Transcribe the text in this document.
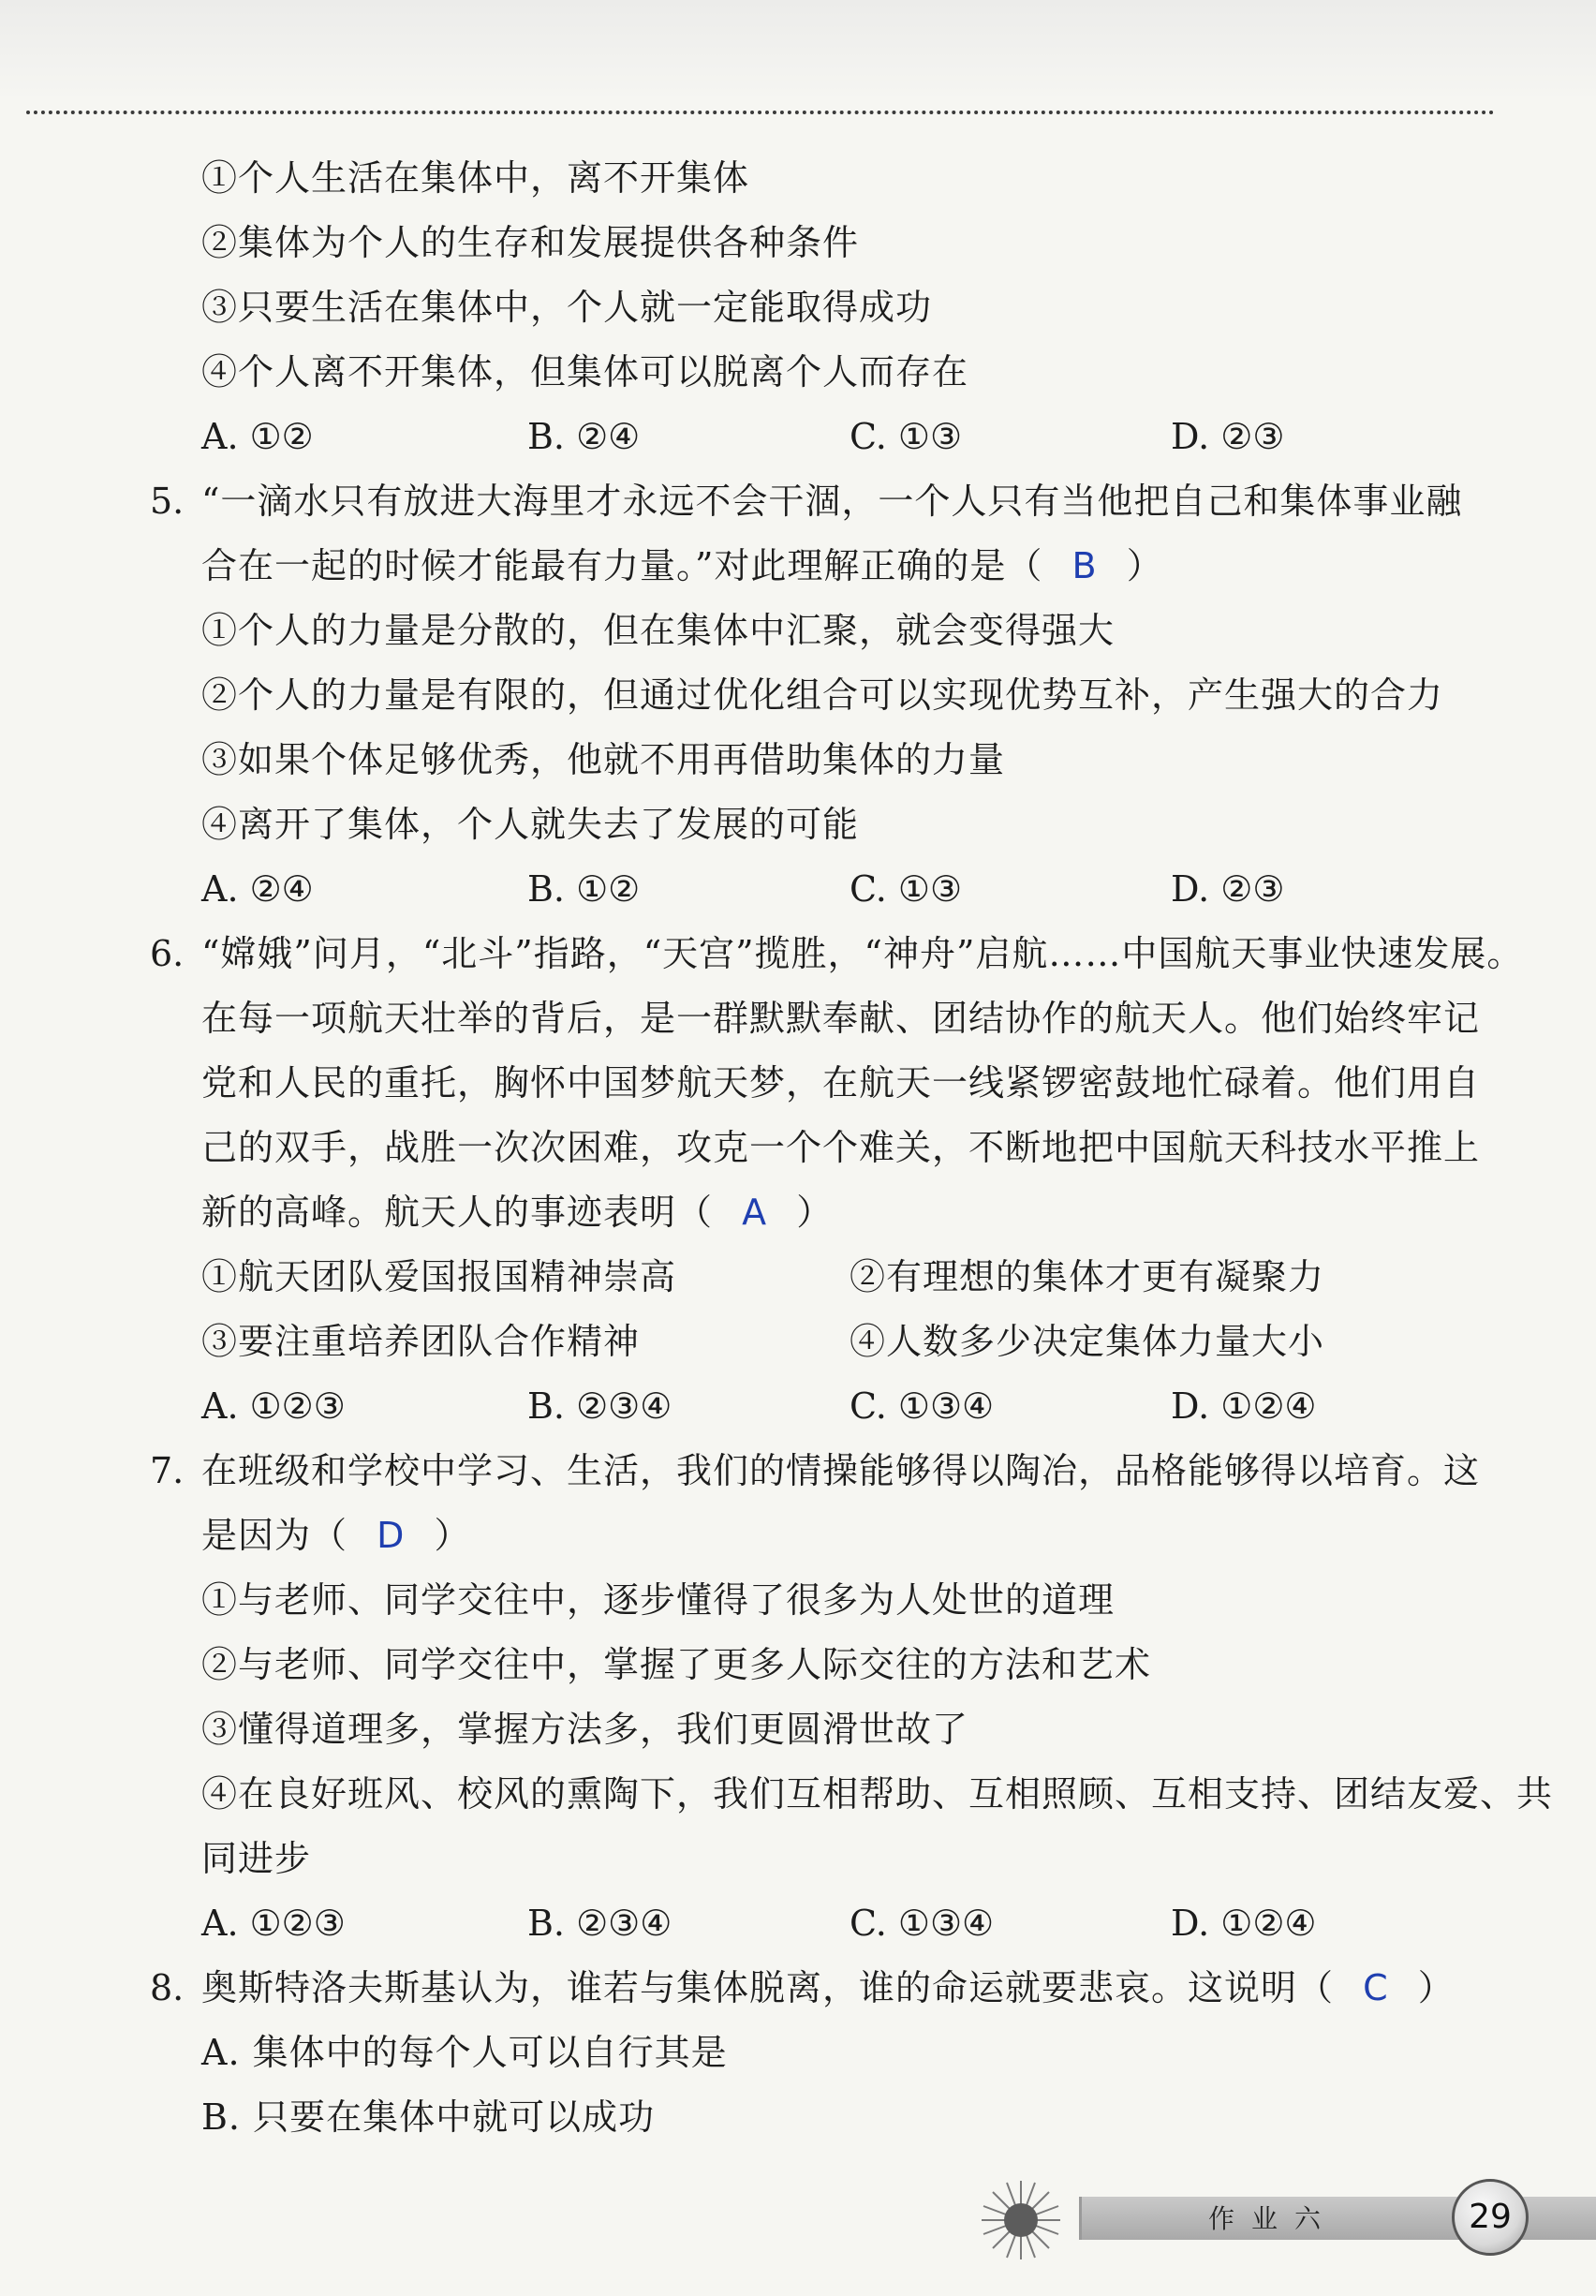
①个人生活在集体中，离不开集体
②集体为个人的生存和发展提供各种条件
③只要生活在集体中，个人就一定能取得成功
④个人离不开集体，但集体可以脱离个人而存在
A. ①②	B. ②④	C. ①③	D. ②③
5. “一滴水只有放进大海里才永远不会干涸，一个人只有当他把自己和集体事业融
合在一起的时候才能最有力量。”对此理解正确的是（ B ）
①个人的力量是分散的，但在集体中汇聚，就会变得强大
②个人的力量是有限的，但通过优化组合可以实现优势互补，产生强大的合力
③如果个体足够优秀，他就不用再借助集体的力量
④离开了集体，个人就失去了发展的可能
A. ②④	B. ①②	C. ①③	D. ②③
6. “嫦娥”问月，“北斗”指路，“天宫”揽胜，“神舟”启航……中国航天事业快速发展。
在每一项航天壮举的背后，是一群默默奉献、团结协作的航天人。他们始终牢记
党和人民的重托，胸怀中国梦航天梦，在航天一线紧锣密鼓地忙碌着。他们用自
己的双手，战胜一次次困难，攻克一个个难关，不断地把中国航天科技水平推上
新的高峰。航天人的事迹表明（ A ）
①航天团队爱国报国精神崇高	②有理想的集体才更有凝聚力
③要注重培养团队合作精神	④人数多少决定集体力量大小
A. ①②③	B. ②③④	C. ①③④	D. ①②④
7. 在班级和学校中学习、生活，我们的情操能够得以陶冶，品格能够得以培育。这
是因为（ D ）
①与老师、同学交往中，逐步懂得了很多为人处世的道理
②与老师、同学交往中，掌握了更多人际交往的方法和艺术
③懂得道理多，掌握方法多，我们更圆滑世故了
④在良好班风、校风的熏陶下，我们互相帮助、互相照顾、互相支持、团结友爱、共
同进步
A. ①②③	B. ②③④	C. ①③④	D. ①②④
8. 奥斯特洛夫斯基认为，谁若与集体脱离，谁的命运就要悲哀。这说明（ C ）
A. 集体中的每个人可以自行其是
B. 只要在集体中就可以成功
作业六	29
